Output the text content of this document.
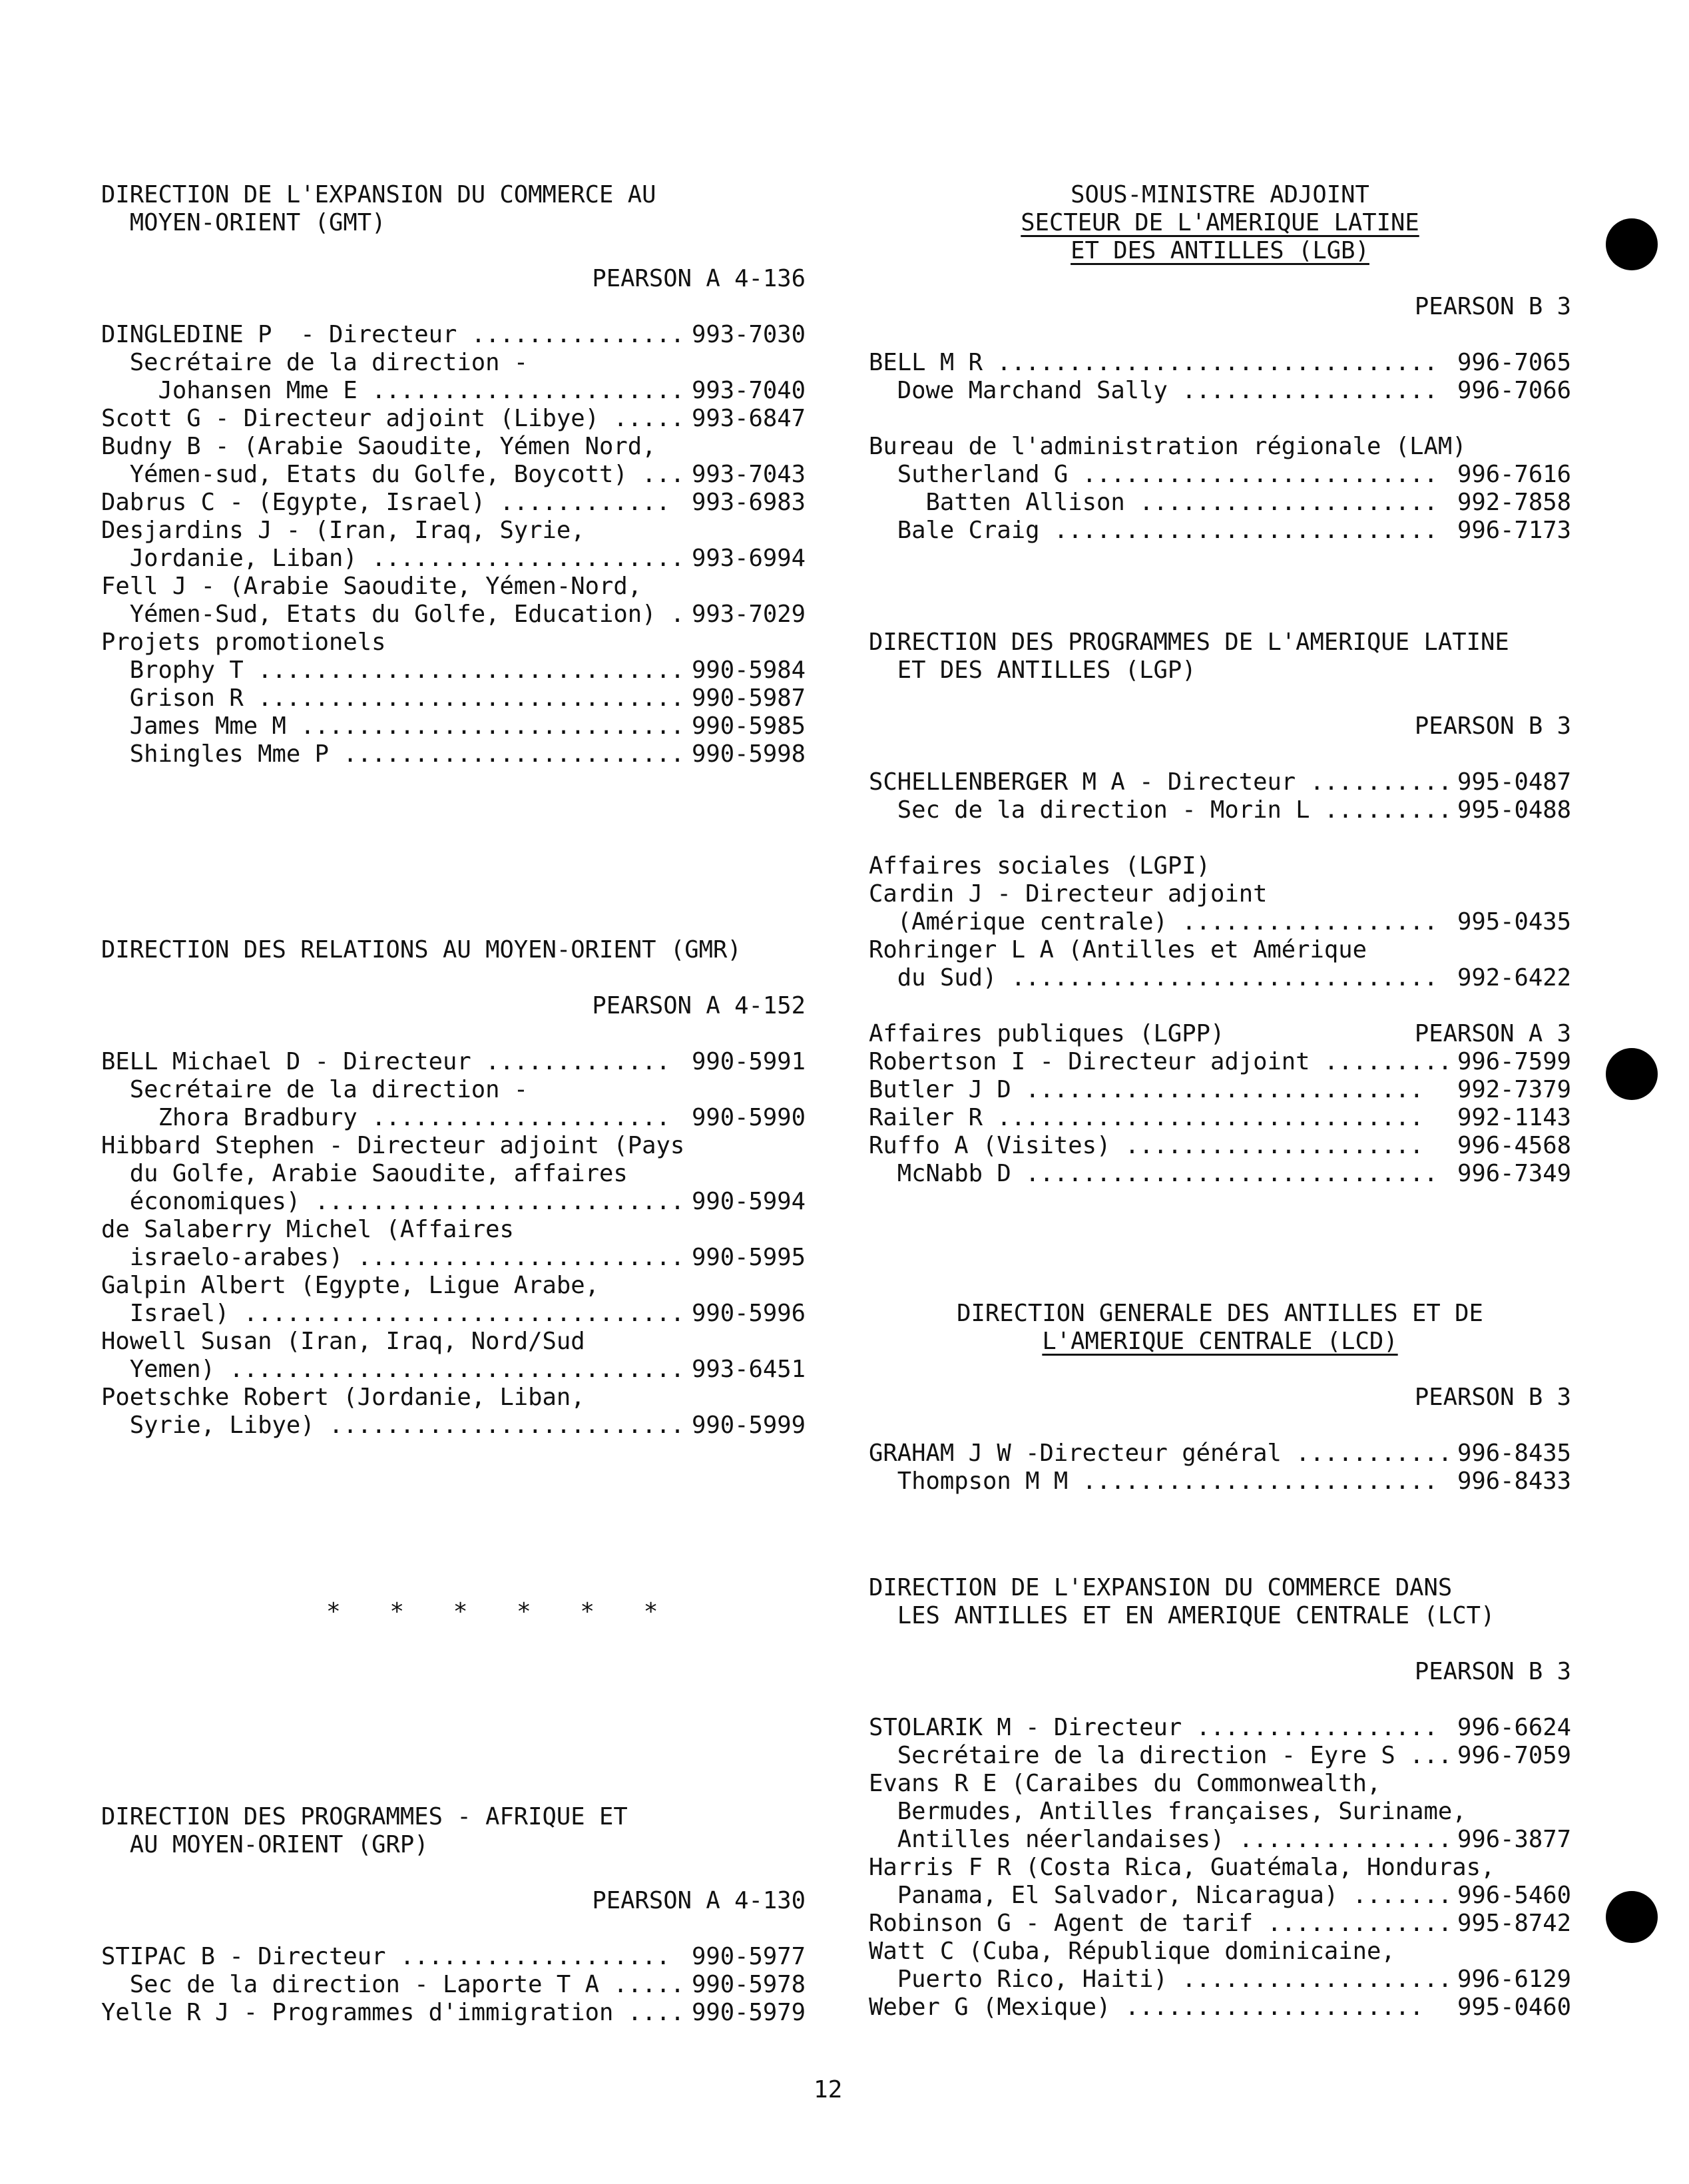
DIRECTION DE L'EXPANSION DU COMMERCE AU
MOYEN-ORIENT (GMT)
PEARSON A 4-136
DINGLEDINE P  - Directeur ............... 993-7030
Secrétaire de la direction -
Johansen Mme E ...................... 993-7040
Scott G - Directeur adjoint (Libye) ..... 993-6847
Budny B - (Arabie Saoudite, Yémen Nord,
Yémen-sud, Etats du Golfe, Boycott) ... 993-7043
Dabrus C - (Egypte, Israel) ............ 993-6983
Desjardins J - (Iran, Iraq, Syrie,
Jordanie, Liban) ...................... 993-6994
Fell J - (Arabie Saoudite, Yémen-Nord,
Yémen-Sud, Etats du Golfe, Education) . 993-7029
Projets promotionels
Brophy T .............................. 990-5984
Grison R .............................. 990-5987
James Mme M ........................... 990-5985
Shingles Mme P ........................ 990-5998
DIRECTION DES RELATIONS AU MOYEN-ORIENT (GMR)
PEARSON A 4-152
BELL Michael D - Directeur ............. 990-5991
Secrétaire de la direction -
Zhora Bradbury ..................... 990-5990
Hibbard Stephen - Directeur adjoint (Pays
du Golfe, Arabie Saoudite, affaires
économiques) .......................... 990-5994
de Salaberry Michel (Affaires
israelo-arabes) ....................... 990-5995
Galpin Albert (Egypte, Ligue Arabe,
Israel) ............................... 990-5996
Howell Susan (Iran, Iraq, Nord/Sud
Yemen) ................................ 993-6451
Poetschke Robert (Jordanie, Liban,
Syrie, Libye) ......................... 990-5999
DIRECTION DES PROGRAMMES - AFRIQUE ET
AU MOYEN-ORIENT (GRP)
PEARSON A 4-130
STIPAC B - Directeur ................... 990-5977
Sec de la direction - Laporte T A ..... 990-5978
Yelle R J - Programmes d'immigration .... 990-5979
* * * * * *
SOUS-MINISTRE ADJOINT
SECTEUR DE L'AMERIQUE LATINE
ET DES ANTILLES (LGB)
PEARSON B 3
BELL M R ............................... 996-7065
Dowe Marchand Sally .................. 996-7066
Bureau de l'administration régionale (LAM)
Sutherland G ......................... 996-7616
Batten Allison ..................... 992-7858
Bale Craig ........................... 996-7173
DIRECTION DES PROGRAMMES DE L'AMERIQUE LATINE
ET DES ANTILLES (LGP)
PEARSON B 3
SCHELLENBERGER M A - Directeur .......... 995-0487
Sec de la direction - Morin L ......... 995-0488
Affaires sociales (LGPI)
Cardin J - Directeur adjoint
(Amérique centrale) .................. 995-0435
Rohringer L A (Antilles et Amérique
du Sud) .............................. 992-6422
Affaires publiques (LGPP)	PEARSON A 3
Robertson I - Directeur adjoint ......... 996-7599
Butler J D ............................ 992-7379
Railer R .............................. 992-1143
Ruffo A (Visites) ..................... 996-4568
McNabb D ............................. 996-7349
DIRECTION GENERALE DES ANTILLES ET DE
L'AMERIQUE CENTRALE (LCD)
PEARSON B 3
GRAHAM J W -Directeur général ........... 996-8435
Thompson M M ......................... 996-8433
DIRECTION DE L'EXPANSION DU COMMERCE DANS
LES ANTILLES ET EN AMERIQUE CENTRALE (LCT)
PEARSON B 3
STOLARIK M - Directeur ................. 996-6624
Secrétaire de la direction - Eyre S ... 996-7059
Evans R E (Caraibes du Commonwealth,
Bermudes, Antilles françaises, Suriname,
Antilles néerlandaises) ............... 996-3877
Harris F R (Costa Rica, Guatémala, Honduras,
Panama, El Salvador, Nicaragua) ....... 996-5460
Robinson G - Agent de tarif ............. 995-8742
Watt C (Cuba, République dominicaine,
Puerto Rico, Haiti) ................... 996-6129
Weber G (Mexique) ..................... 995-0460
12
